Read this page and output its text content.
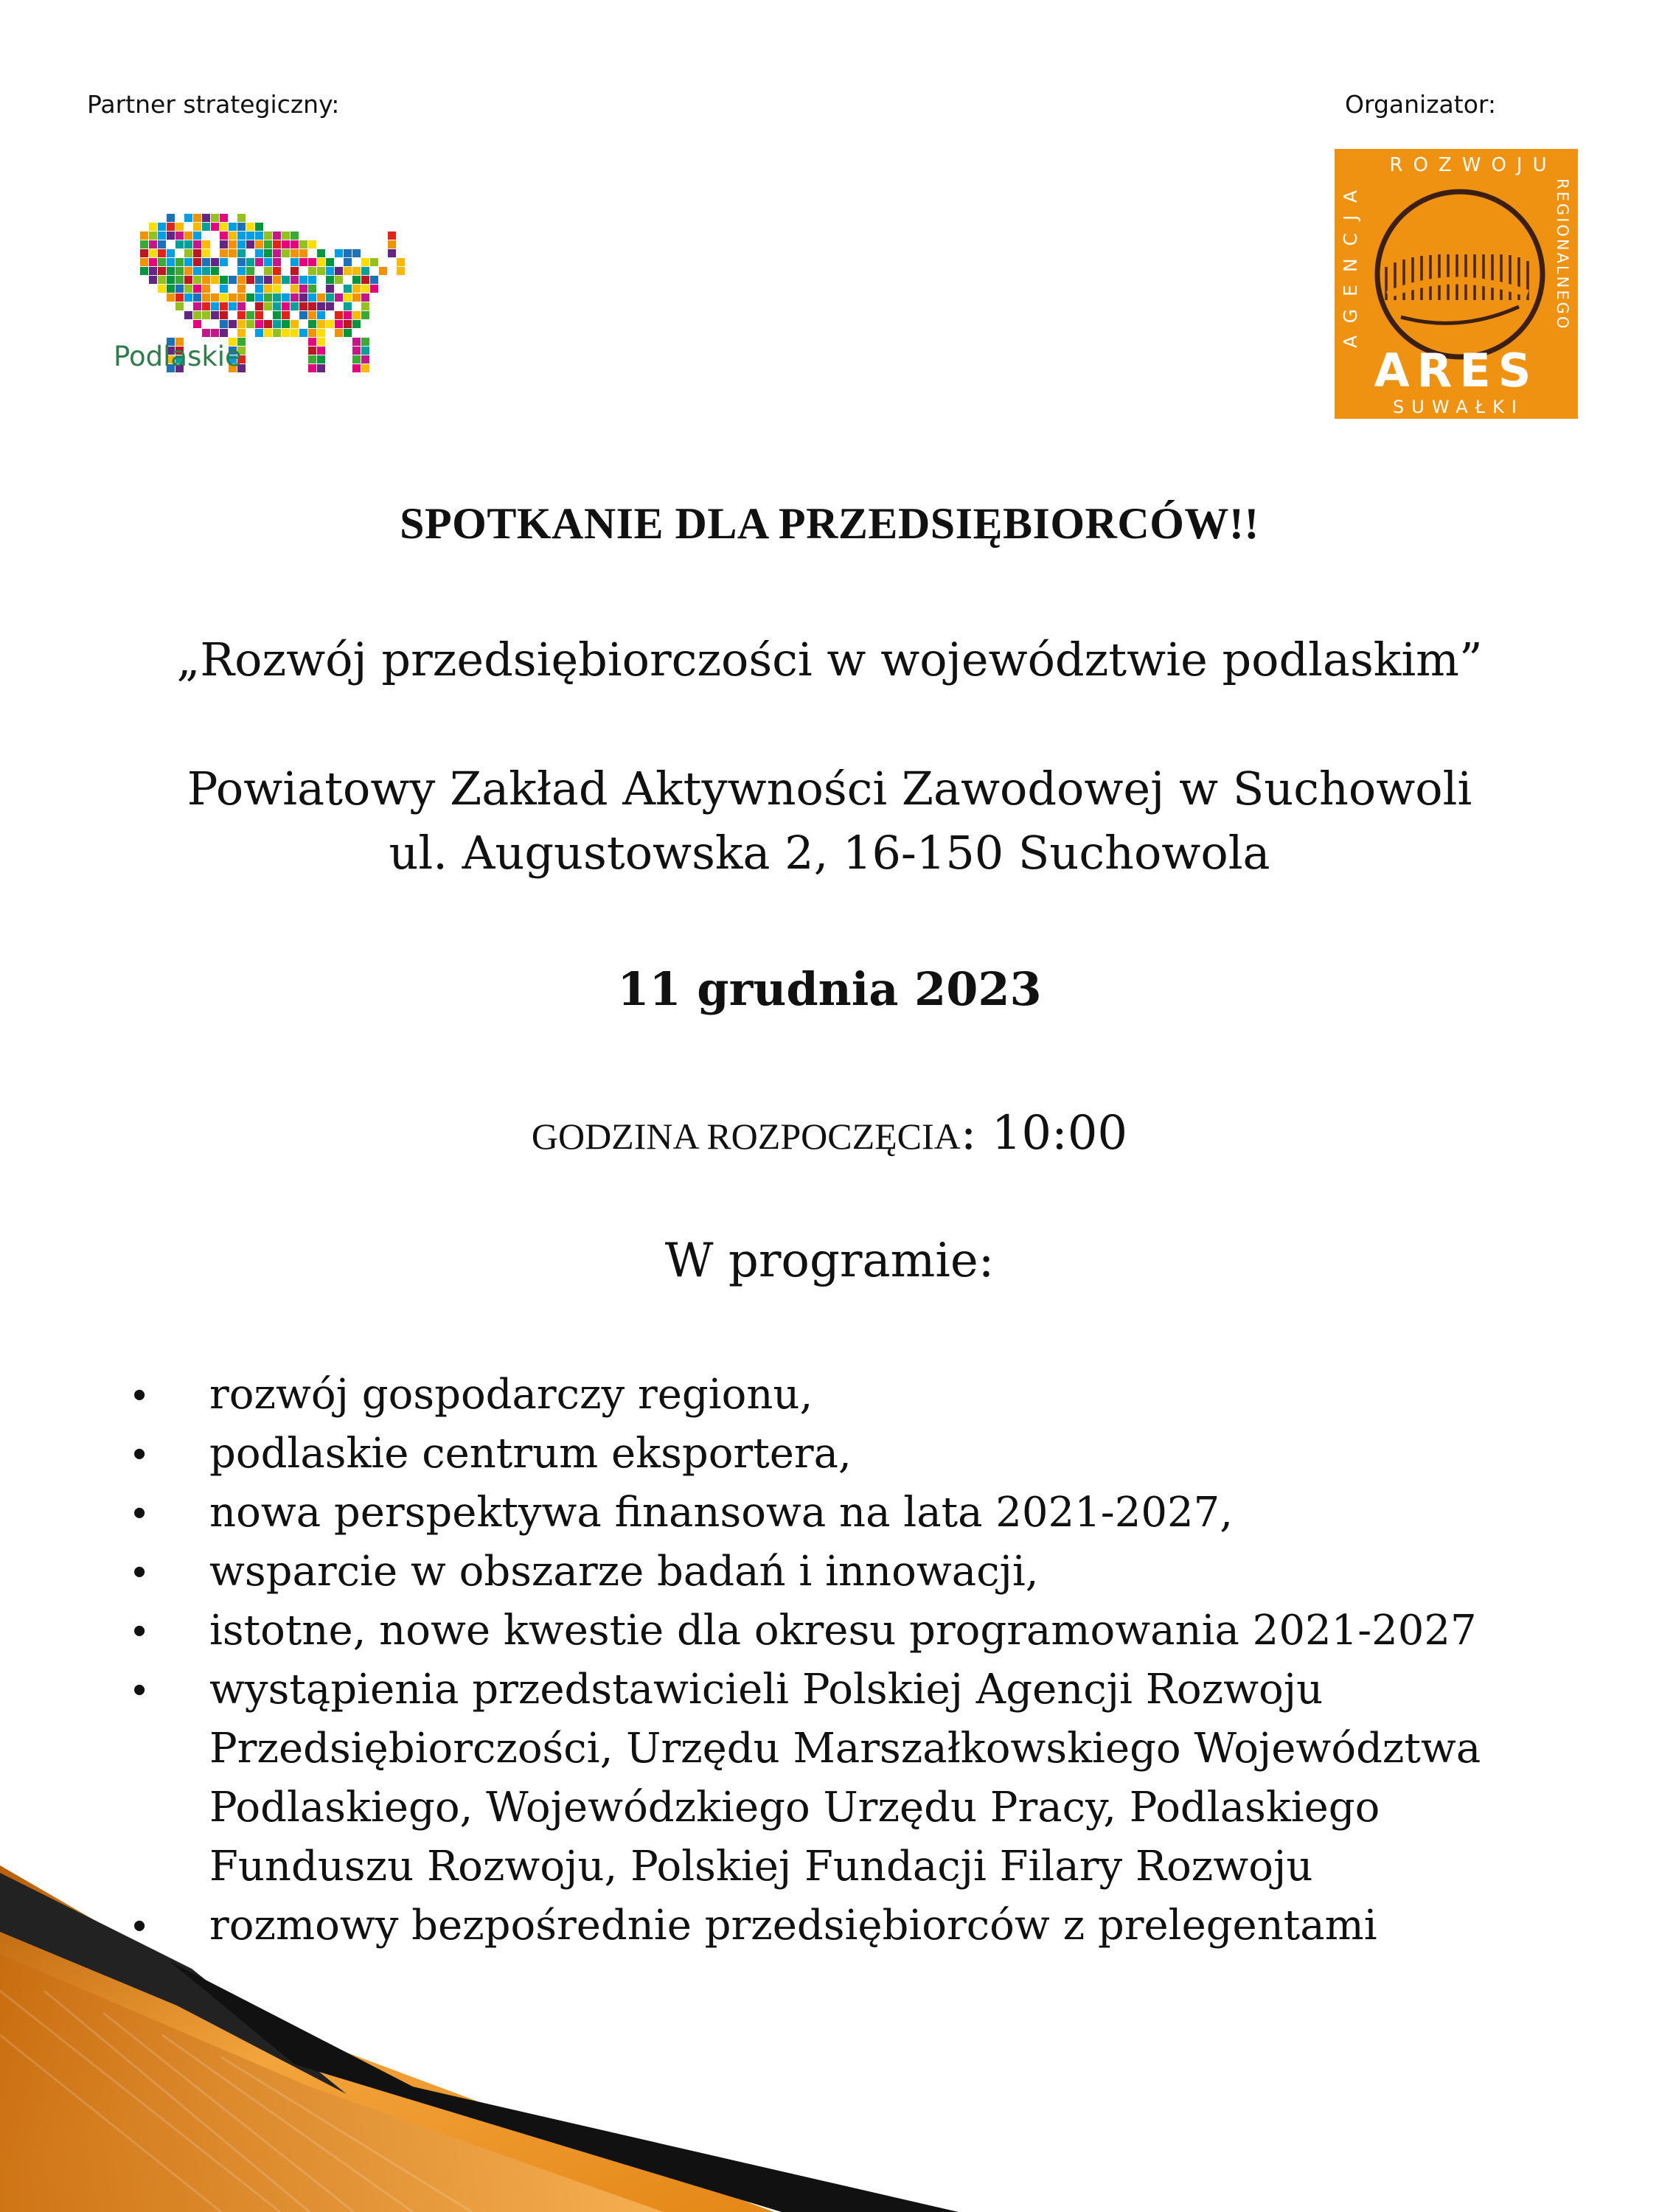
Partner strategiczny:	Organizator:
Podlaskie
ROZWOJU
AGENCJA	REGIONALNEGO
ARES
SUWAŁKI
SPOTKANIE DLA PRZEDSIĘBIORCÓW!!
„Rozwój przedsiębiorczości w województwie podlaskim”
Powiatowy Zakład Aktywności Zawodowej w Suchowoli
ul. Augustowska 2, 16-150 Suchowola
11 grudnia 2023
GODZINA ROZPOCZĘCIA: 10:00
W programie:
• rozwój gospodarczy regionu,
• podlaskie centrum eksportera,
• nowa perspektywa finansowa na lata 2021-2027,
• wsparcie w obszarze badań i innowacji,
• istotne, nowe kwestie dla okresu programowania 2021-2027
• wystąpienia przedstawicieli Polskiej Agencji Rozwoju
Przedsiębiorczości, Urzędu Marszałkowskiego Województwa
Podlaskiego, Wojewódzkiego Urzędu Pracy, Podlaskiego
Funduszu Rozwoju, Polskiej Fundacji Filary Rozwoju
• rozmowy bezpośrednie przedsiębiorców z prelegentami
